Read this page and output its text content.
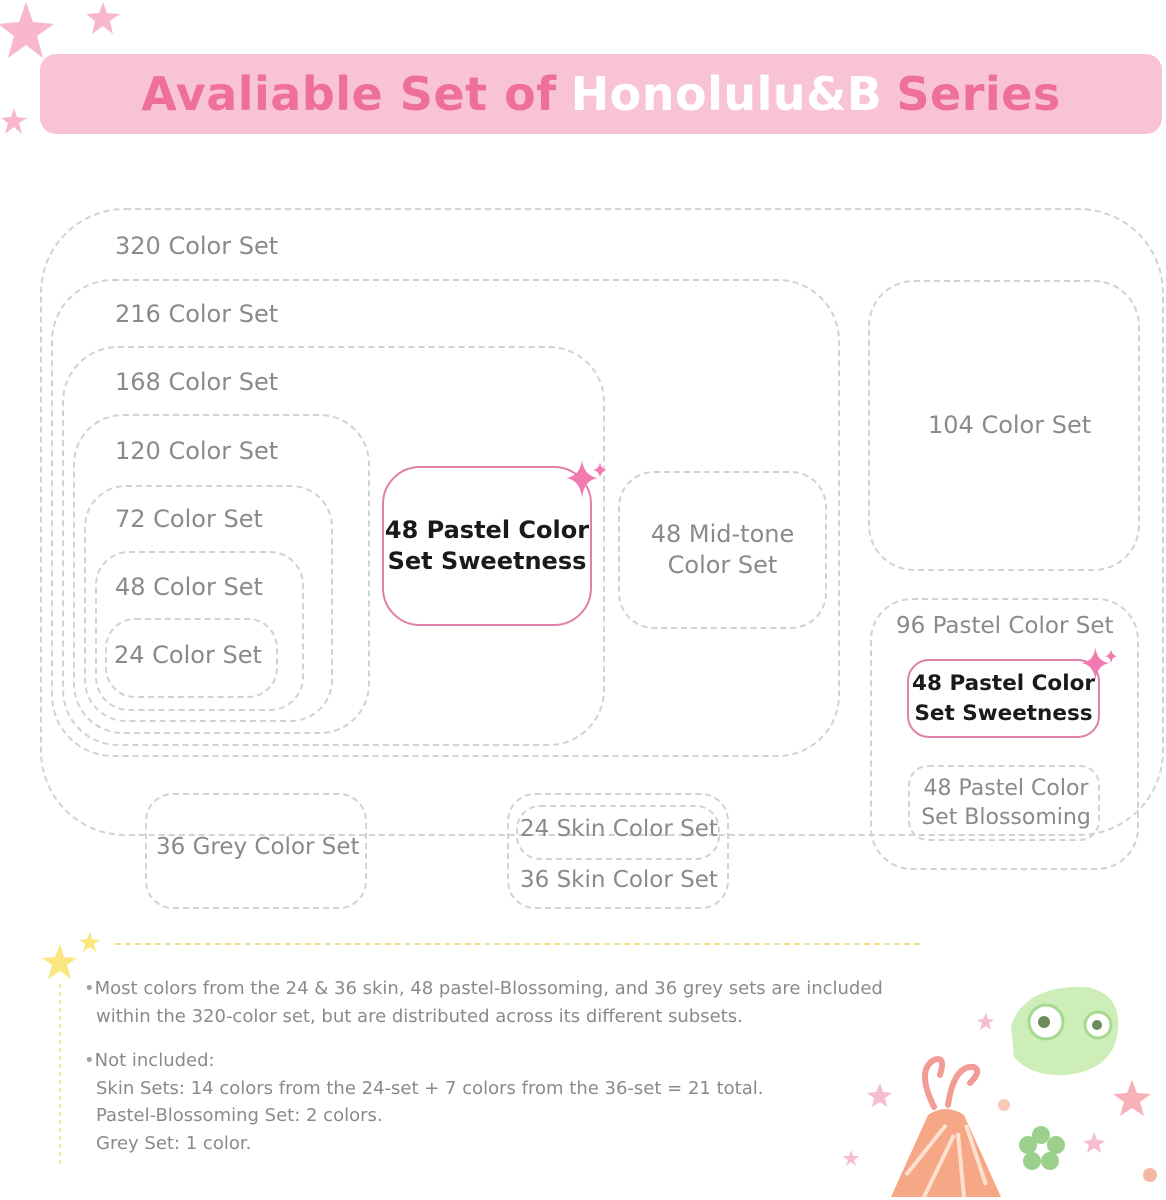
Avaliable Set of Honolulu&B Series
320 Color Set
216 Color Set
168 Color Set
120 Color Set
72 Color Set
48 Color Set
24 Color Set
48 Pastel Color
Set Sweetness
48 Mid-tone
Color Set
104 Color Set
96 Pastel Color Set
48 Pastel Color
Set Sweetness
48 Pastel Color
Set Blossoming
36 Grey Color Set
24 Skin Color Set
36 Skin Color Set
•Most colors from the 24 & 36 skin, 48 pastel-Blossoming, and 36 grey sets are included
within the 320-color set, but are distributed across its different subsets.
•Not included:
Skin Sets: 14 colors from the 24-set + 7 colors from the 36-set = 21 total.
Pastel-Blossoming Set: 2 colors.
Grey Set: 1 color.
